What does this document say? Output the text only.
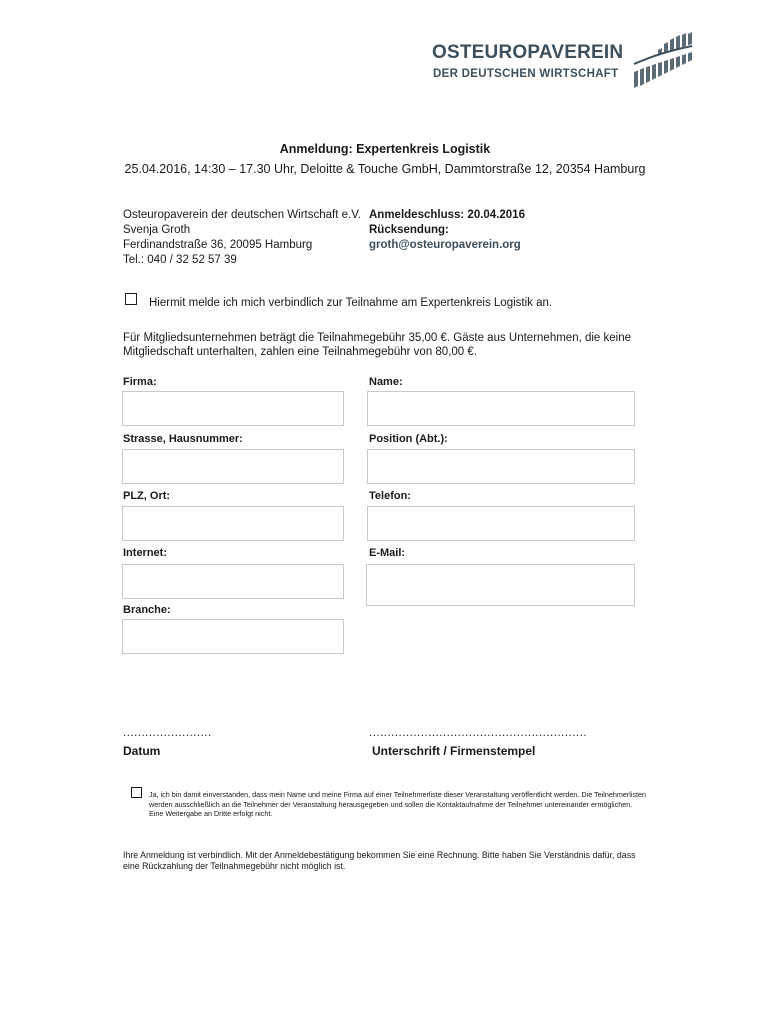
OSTEUROPAVEREIN
DER DEUTSCHEN WIRTSCHAFT
Anmeldung: Expertenkreis Logistik
25.04.2016, 14:30 – 17.30 Uhr, Deloitte & Touche GmbH, Dammtorstraße 12, 20354 Hamburg
Osteuropaverein der deutschen Wirtschaft e.V.
Svenja Groth
Ferdinandstraße 36, 20095 Hamburg
Tel.: 040 / 32 52 57 39
Anmeldeschluss: 20.04.2016
Rücksendung:
groth@osteuropaverein.org
Hiermit melde ich mich verbindlich zur Teilnahme am Expertenkreis Logistik an.
Für Mitgliedsunternehmen beträgt die Teilnahmegebühr 35,00 €. Gäste aus Unternehmen, die keine Mitgliedschaft unterhalten, zahlen eine Teilnahmegebühr von 80,00 €.
Firma:
Strasse, Hausnummer:
PLZ, Ort:
Internet:
Branche:
Name:
Position (Abt.):
Telefon:
E-Mail:
........................
Datum
...........................................................
Unterschrift / Firmenstempel
Ja, ich bin damit einverstanden, dass mein Name und meine Firma auf einer Teilnehmerliste dieser Veranstaltung veröffentlicht werden. Die Teilnehmerlisten werden ausschließlich an die Teilnehmer der Veranstaltung herausgegeben und sollen die Kontaktaufnahme der Teilnehmer untereinander ermöglichen. Eine Weitergabe an Dritte erfolgt nicht.
Ihre Anmeldung ist verbindlich. Mit der Anmeldebestätigung bekommen Sie eine Rechnung. Bitte haben Sie Verständnis dafür, dass eine Rückzahlung der Teilnahmegebühr nicht möglich ist.
